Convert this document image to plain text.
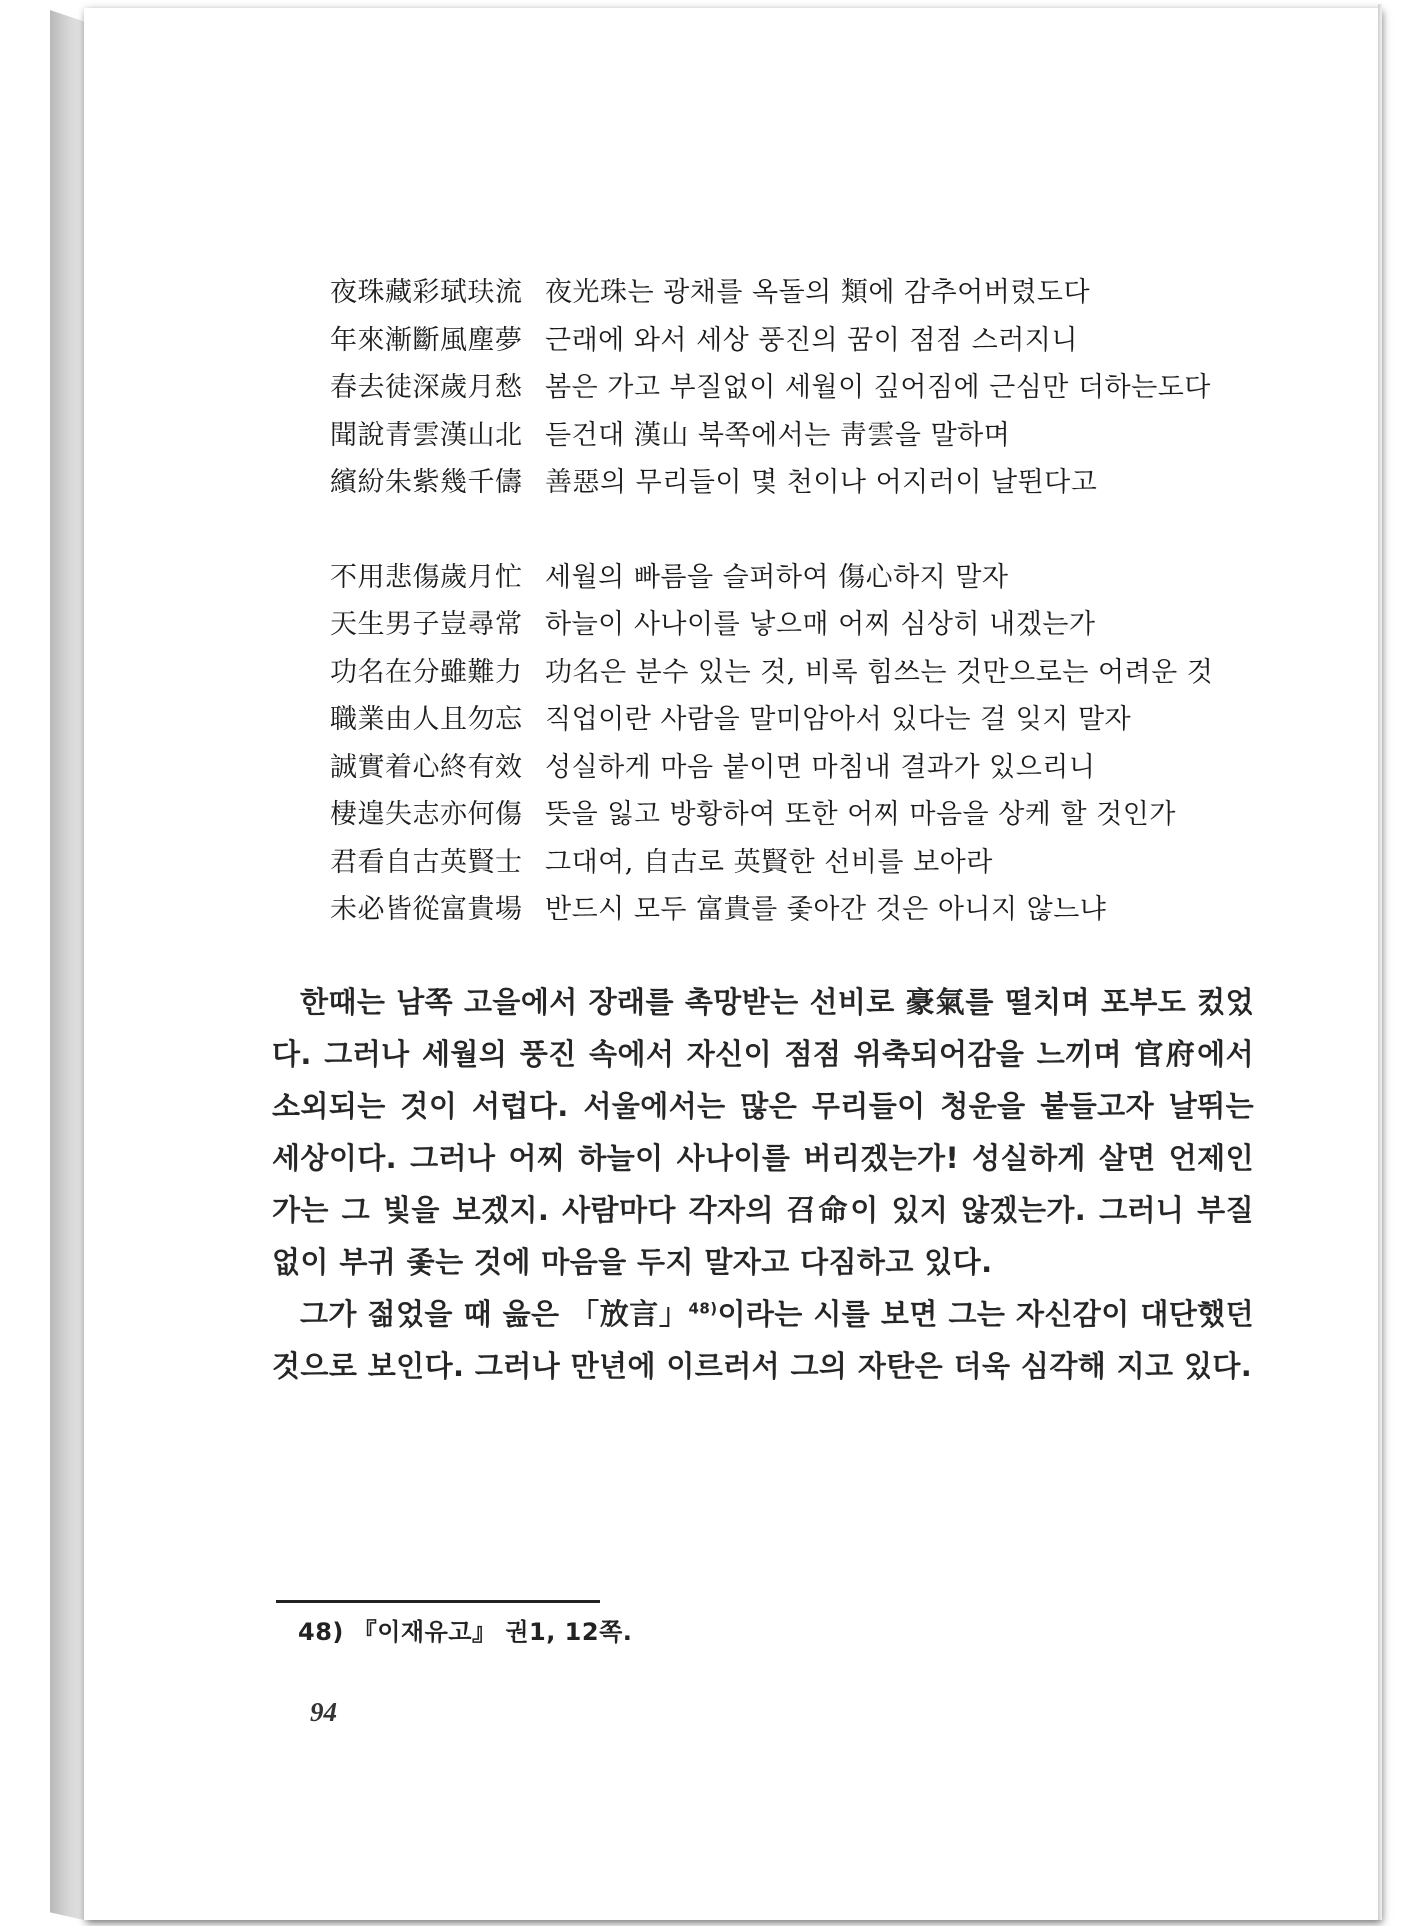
夜珠藏彩珷玞流 夜光珠는 광채를 옥돌의 類에 감추어버렸도다
年來漸斷風塵夢 근래에 와서 세상 풍진의 꿈이 점점 스러지니
春去徒深歲月愁 봄은 가고 부질없이 세월이 깊어짐에 근심만 더하는도다
聞說青雲漢山北 듣건대 漢山 북쪽에서는 靑雲을 말하며
繽紛朱紫幾千儔 善惡의 무리들이 몇 천이나 어지러이 날뛴다고
不用悲傷歲月忙 세월의 빠름을 슬퍼하여 傷心하지 말자
天生男子豈尋常 하늘이 사나이를 낳으매 어찌 심상히 내겠는가
功名在分雖難力 功名은 분수 있는 것, 비록 힘쓰는 것만으로는 어려운 것
職業由人且勿忘 직업이란 사람을 말미암아서 있다는 걸 잊지 말자
誠實着心終有效 성실하게 마음 붙이면 마침내 결과가 있으리니
棲遑失志亦何傷 뜻을 잃고 방황하여 또한 어찌 마음을 상케 할 것인가
君看自古英賢士 그대여, 自古로 英賢한 선비를 보아라
未必皆從富貴場 반드시 모두 富貴를 좇아간 것은 아니지 않느냐

한때는 남쪽 고을에서 장래를 촉망받는 선비로 豪氣를 떨치며 포부도 컸었다. 그러나 세월의 풍진 속에서 자신이 점점 위축되어감을 느끼며 官府에서 소외되는 것이 서럽다. 서울에서는 많은 무리들이 청운을 붙들고자 날뛰는 세상이다. 그러나 어찌 하늘이 사나이를 버리겠는가! 성실하게 살면 언제인가는 그 빛을 보겠지. 사람마다 각자의 召命이 있지 않겠는가. 그러니 부질없이 부귀 좇는 것에 마음을 두지 말자고 다짐하고 있다.

그가 젊었을 때 읊은 「放言」$^{48)}$이라는 시를 보면 그는 자신감이 대단했던 것으로 보인다. 그러나 만년에 이르러서 그의 자탄은 더욱 심각해 지고 있다.

48) 『이재유고』 권1, 12쪽.
94
